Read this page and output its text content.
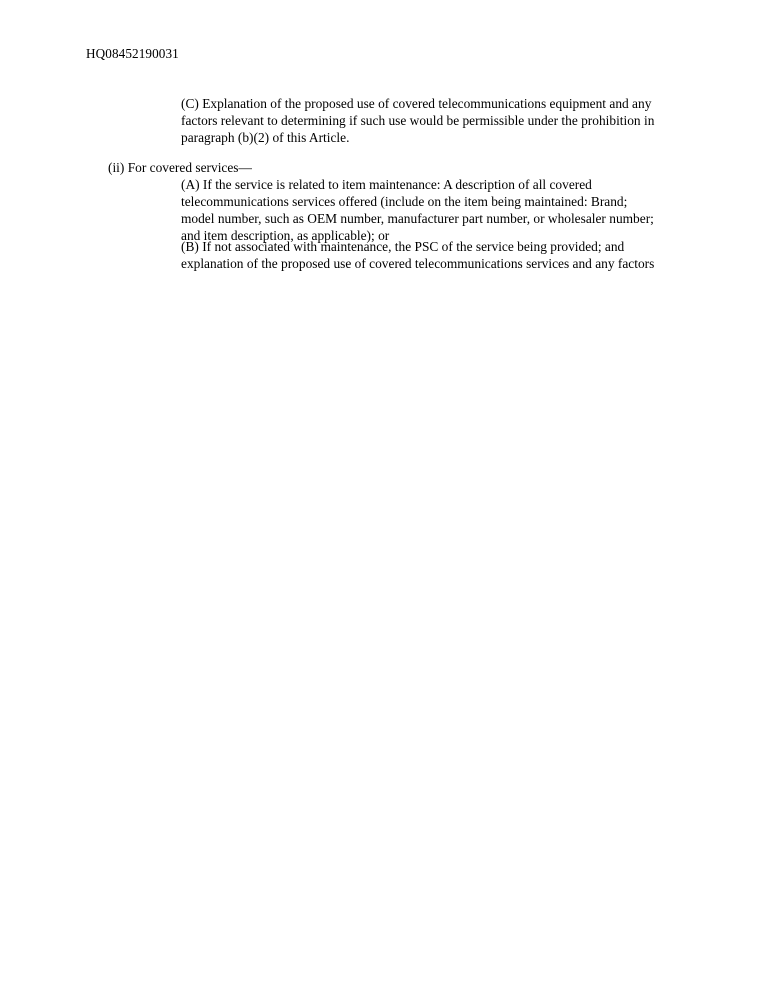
HQ08452190031

(C) Explanation of the proposed use of covered telecommunications equipment and any
factors relevant to determining if such use would be permissible under the prohibition in
paragraph (b)(2) of this Article.

(ii) For covered services—

(A) If the service is related to item maintenance: A description of all covered
telecommunications services offered (include on the item being maintained: Brand;
model number, such as OEM number, manufacturer part number, or wholesaler number;
and item description, as applicable); or

(B) If not associated with maintenance, the PSC of the service being provided; and
explanation of the proposed use of covered telecommunications services and any factors
